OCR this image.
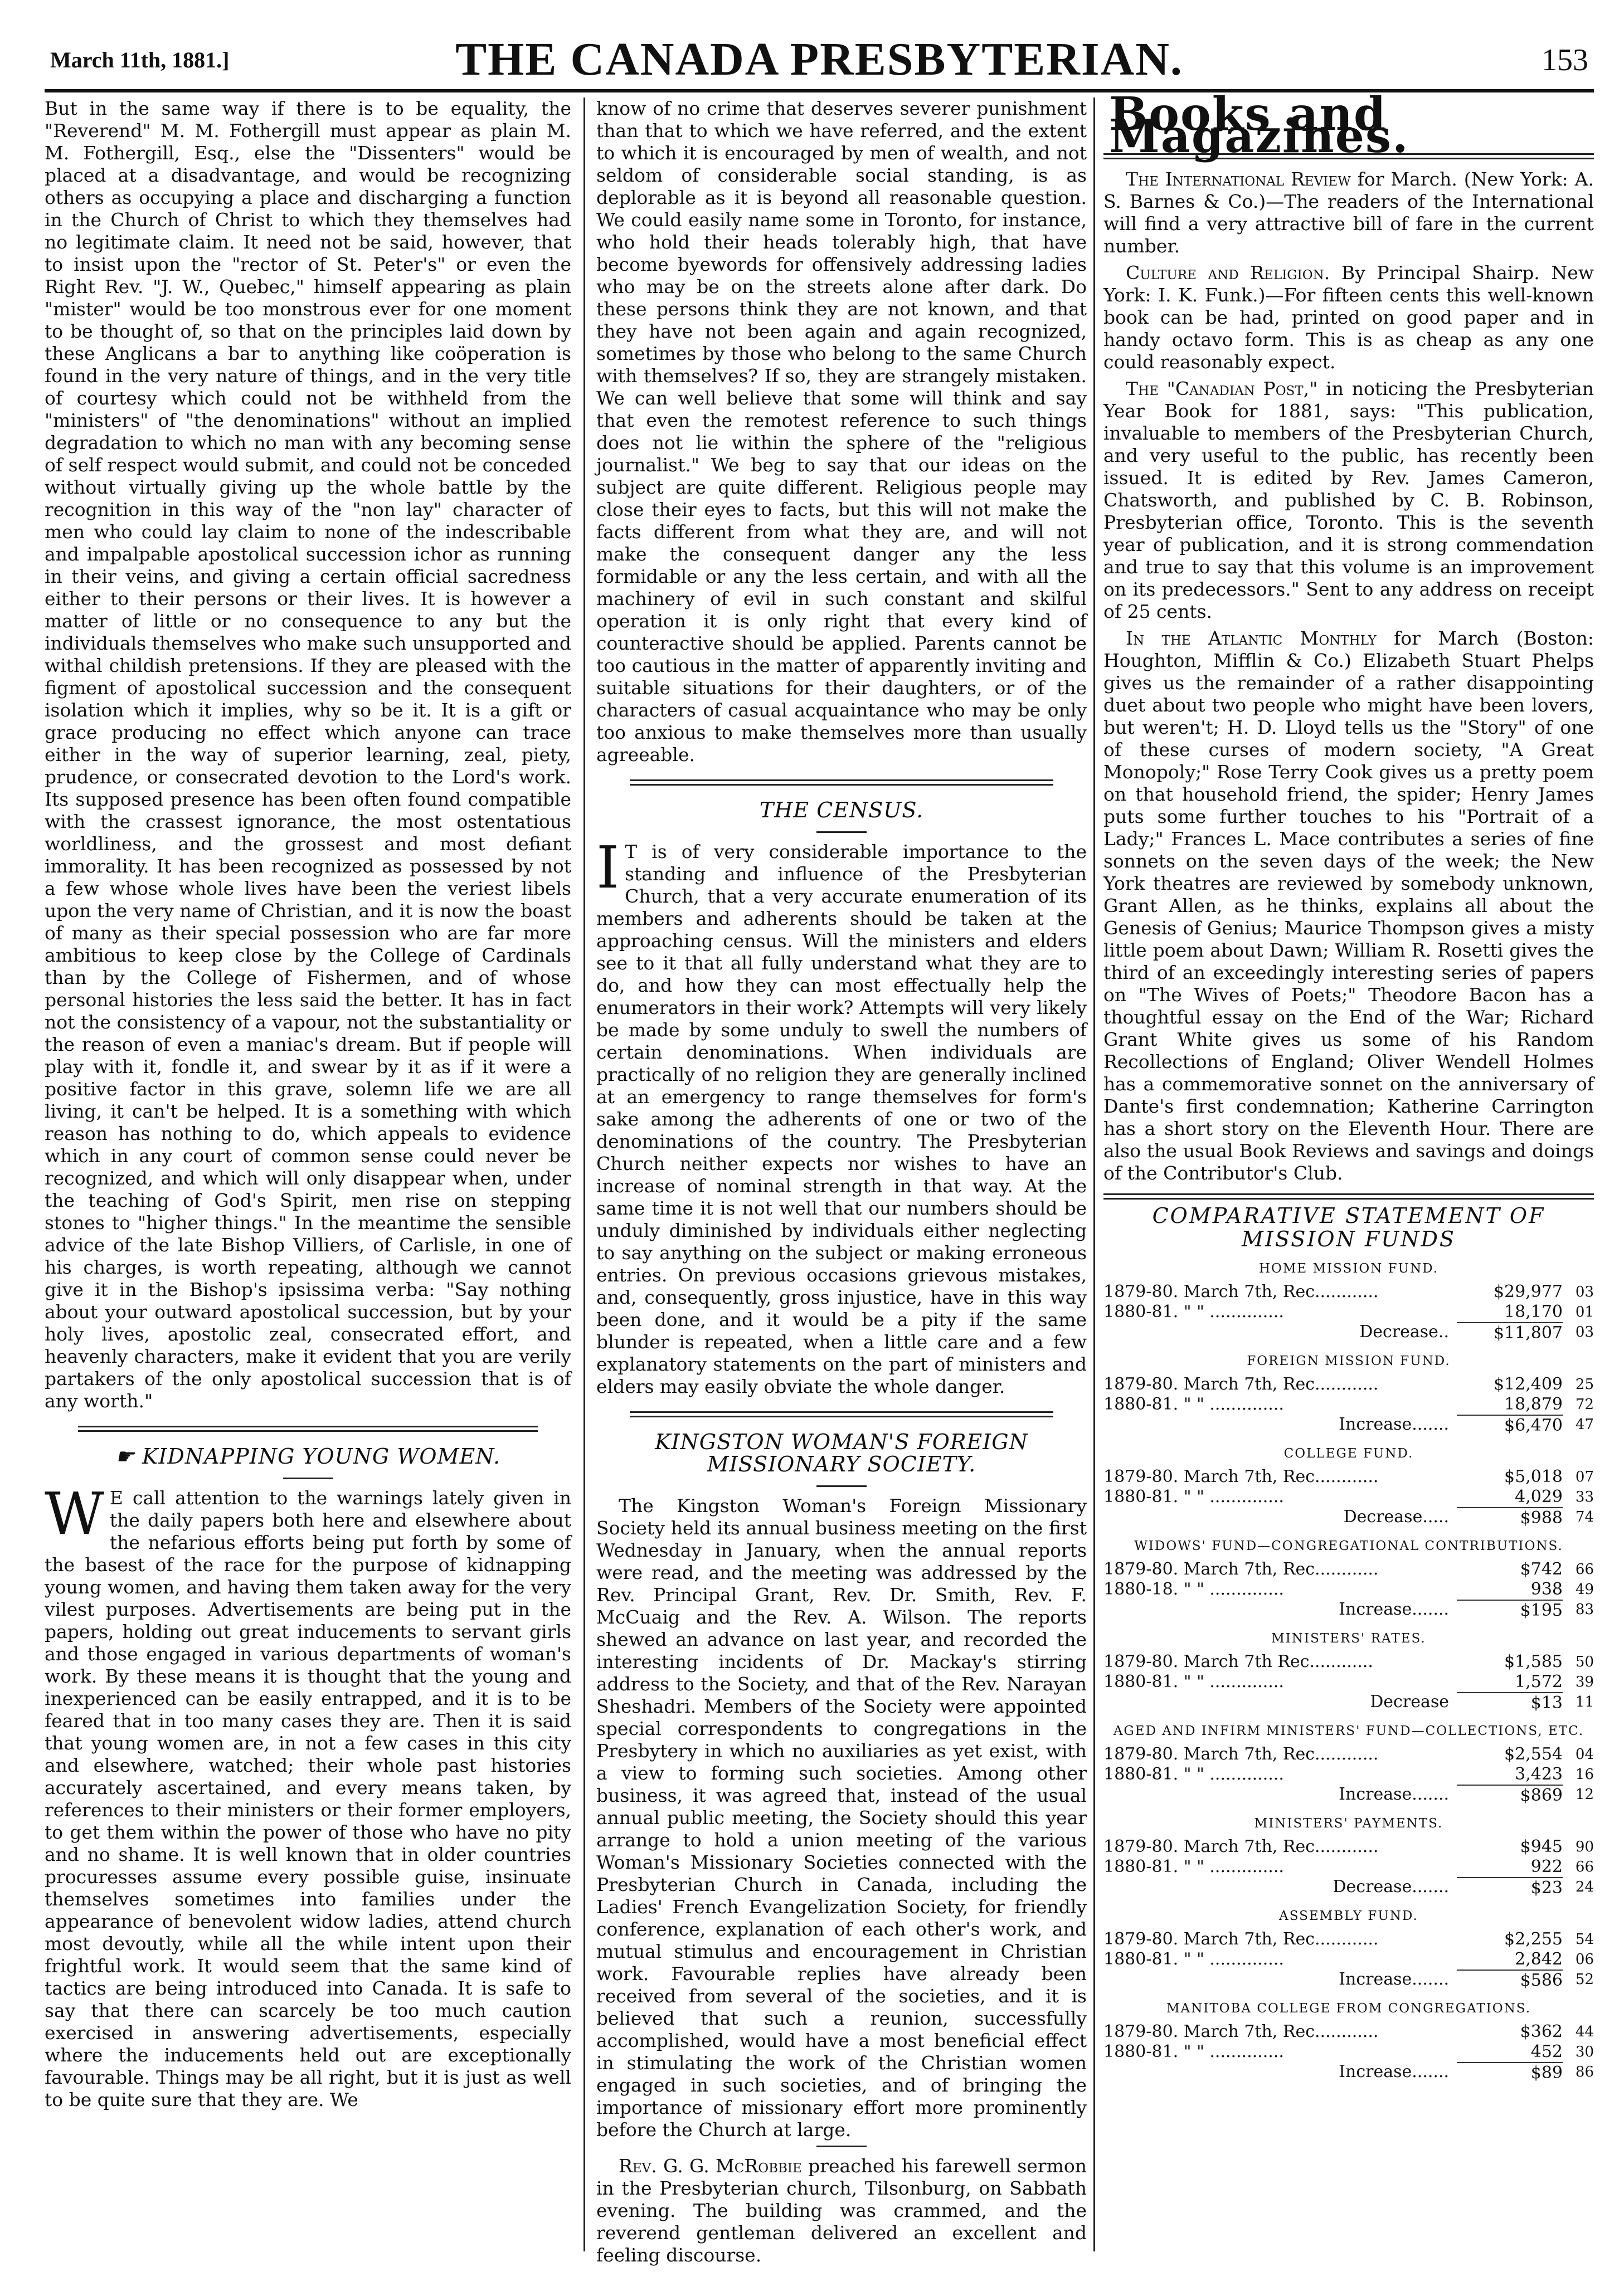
March 11th, 1881.]	THE CANADA PRESBYTERIAN.	153

But in the same way if there is to be equality, the "Reverend" M. M. Fothergill must appear as plain M. M. Fothergill, Esq., else the "Dissenters" would be placed at a disadvantage, and would be recognizing others as occupying a place and discharging a function in the Church of Christ to which they themselves had no legitimate claim. It need not be said, however, that to insist upon the "rector of St. Peter's" or even the Right Rev. "J. W., Quebec," himself appearing as plain "mister" would be too monstrous ever for one moment to be thought of, so that on the principles laid down by these Anglicans a bar to anything like coöperation is found in the very nature of things, and in the very title of courtesy which could not be withheld from the "ministers" of "the denominations" without an implied degradation to which no man with any becoming sense of self respect would submit, and could not be conceded without virtually giving up the whole battle by the recognition in this way of the "non lay" character of men who could lay claim to none of the indescribable and impalpable apostolical succession ichor as running in their veins, and giving a certain official sacredness either to their persons or their lives. It is however a matter of little or no consequence to any but the individuals themselves who make such unsupported and withal childish pretensions. If they are pleased with the figment of apostolical succession and the consequent isolation which it implies, why so be it. It is a gift or grace producing no effect which anyone can trace either in the way of superior learning, zeal, piety, prudence, or consecrated devotion to the Lord's work. Its supposed presence has been often found compatible with the crassest ignorance, the most ostentatious worldliness, and the grossest and most defiant immorality. It has been recognized as possessed by not a few whose whole lives have been the veriest libels upon the very name of Christian, and it is now the boast of many as their special possession who are far more ambitious to keep close by the College of Cardinals than by the College of Fishermen, and of whose personal histories the less said the better. It has in fact not the consistency of a vapour, not the substantiality or the reason of even a maniac's dream. But if people will play with it, fondle it, and swear by it as if it were a positive factor in this grave, solemn life we are all living, it can't be helped. It is a something with which reason has nothing to do, which appeals to evidence which in any court of common sense could never be recognized, and which will only disappear when, under the teaching of God's Spirit, men rise on stepping stones to "higher things." In the meantime the sensible advice of the late Bishop Villiers, of Carlisle, in one of his charges, is worth repeating, although we cannot give it in the Bishop's ipsissima verba: "Say nothing about your outward apostolical succession, but by your holy lives, apostolic zeal, consecrated effort, and heavenly characters, make it evident that you are verily partakers of the only apostolical succession that is of any worth."

☛ KIDNAPPING YOUNG WOMEN.

W E call attention to the warnings lately given in the daily papers both here and elsewhere about the nefarious efforts being put forth by some of the basest of the race for the purpose of kidnapping young women, and having them taken away for the very vilest purposes. Advertisements are being put in the papers, holding out great inducements to servant girls and those engaged in various departments of woman's work. By these means it is thought that the young and inexperienced can be easily entrapped, and it is to be feared that in too many cases they are. Then it is said that young women are, in not a few cases in this city and elsewhere, watched; their whole past histories accurately ascertained, and every means taken, by references to their ministers or their former employers, to get them within the power of those who have no pity and no shame. It is well known that in older countries procuresses assume every possible guise, insinuate themselves sometimes into families under the appearance of benevolent widow ladies, attend church most devoutly, while all the while intent upon their frightful work. It would seem that the same kind of tactics are being introduced into Canada. It is safe to say that there can scarcely be too much caution exercised in answering advertisements, especially where the inducements held out are exceptionally favourable. Things may be all right, but it is just as well to be quite sure that they are. We

know of no crime that deserves severer punishment than that to which we have referred, and the extent to which it is encouraged by men of wealth, and not seldom of considerable social standing, is as deplorable as it is beyond all reasonable question. We could easily name some in Toronto, for instance, who hold their heads tolerably high, that have become byewords for offensively addressing ladies who may be on the streets alone after dark. Do these persons think they are not known, and that they have not been again and again recognized, sometimes by those who belong to the same Church with themselves? If so, they are strangely mistaken. We can well believe that some will think and say that even the remotest reference to such things does not lie within the sphere of the "religious journalist." We beg to say that our ideas on the subject are quite different. Religious people may close their eyes to facts, but this will not make the facts different from what they are, and will not make the consequent danger any the less formidable or any the less certain, and with all the machinery of evil in such constant and skilful operation it is only right that every kind of counteractive should be applied. Parents cannot be too cautious in the matter of apparently inviting and suitable situations for their daughters, or of the characters of casual acquaintance who may be only too anxious to make themselves more than usually agreeable.

THE CENSUS.

I T is of very considerable importance to the standing and influence of the Presbyterian Church, that a very accurate enumeration of its members and adherents should be taken at the approaching census. Will the ministers and elders see to it that all fully understand what they are to do, and how they can most effectually help the enumerators in their work? Attempts will very likely be made by some unduly to swell the numbers of certain denominations. When individuals are practically of no religion they are generally inclined at an emergency to range themselves for form's sake among the adherents of one or two of the denominations of the country. The Presbyterian Church neither expects nor wishes to have an increase of nominal strength in that way. At the same time it is not well that our numbers should be unduly diminished by individuals either neglecting to say anything on the subject or making erroneous entries. On previous occasions grievous mistakes, and, consequently, gross injustice, have in this way been done, and it would be a pity if the same blunder is repeated, when a little care and a few explanatory statements on the part of ministers and elders may easily obviate the whole danger.

KINGSTON WOMAN'S FOREIGN MISSIONARY SOCIETY.

The Kingston Woman's Foreign Missionary Society held its annual business meeting on the first Wednesday in January, when the annual reports were read, and the meeting was addressed by the Rev. Principal Grant, Rev. Dr. Smith, Rev. F. McCuaig and the Rev. A. Wilson. The reports shewed an advance on last year, and recorded the interesting incidents of Dr. Mackay's stirring address to the Society, and that of the Rev. Narayan Sheshadri. Members of the Society were appointed special correspondents to congregations in the Presbytery in which no auxiliaries as yet exist, with a view to forming such societies. Among other business, it was agreed that, instead of the usual annual public meeting, the Society should this year arrange to hold a union meeting of the various Woman's Missionary Societies connected with the Presbyterian Church in Canada, including the Ladies' French Evangelization Society, for friendly conference, explanation of each other's work, and mutual stimulus and encouragement in Christian work. Favourable replies have already been received from several of the societies, and it is believed that such a reunion, successfully accomplished, would have a most beneficial effect in stimulating the work of the Christian women engaged in such societies, and of bringing the importance of missionary effort more prominently before the Church at large.

Rev. G. G. McRobbie preached his farewell sermon in the Presbyterian church, Tilsonburg, on Sabbath evening. The building was crammed, and the reverend gentleman delivered an excellent and feeling discourse.

Books and Magazines.

The International Review for March. (New York: A. S. Barnes & Co.)—The readers of the International will find a very attractive bill of fare in the current number.

Culture and Religion. By Principal Shairp. New York: I. K. Funk.)—For fifteen cents this well-known book can be had, printed on good paper and in handy octavo form. This is as cheap as any one could reasonably expect.

The "Canadian Post," in noticing the Presbyterian Year Book for 1881, says: "This publication, invaluable to members of the Presbyterian Church, and very useful to the public, has recently been issued. It is edited by Rev. James Cameron, Chatsworth, and published by C. B. Robinson, Presbyterian office, Toronto. This is the seventh year of publication, and it is strong commendation and true to say that this volume is an improvement on its predecessors." Sent to any address on receipt of 25 cents.

In the Atlantic Monthly for March (Boston: Houghton, Mifflin & Co.) Elizabeth Stuart Phelps gives us the remainder of a rather disappointing duet about two people who might have been lovers, but weren't; H. D. Lloyd tells us the "Story" of one of these curses of modern society, "A Great Monopoly;" Rose Terry Cook gives us a pretty poem on that household friend, the spider; Henry James puts some further touches to his "Portrait of a Lady;" Frances L. Mace contributes a series of fine sonnets on the seven days of the week; the New York theatres are reviewed by somebody unknown, Grant Allen, as he thinks, explains all about the Genesis of Genius; Maurice Thompson gives a misty little poem about Dawn; William R. Rosetti gives the third of an exceedingly interesting series of papers on "The Wives of Poets;" Theodore Bacon has a thoughtful essay on the End of the War; Richard Grant White gives us some of his Random Recollections of England; Oliver Wendell Holmes has a commemorative sonnet on the anniversary of Dante's first condemnation; Katherine Carrington has a short story on the Eleventh Hour. There are also the usual Book Reviews and savings and doings of the Contributor's Club.

COMPARATIVE STATEMENT OF MISSION FUNDS
HOME MISSION FUND.
1879-80. March 7th, Rec............	$29,977 03
1880-81. " " ..............	18,170 01
Decrease..	$11,807 03
FOREIGN MISSION FUND.
1879-80. March 7th, Rec............	$12,409 25
1880-81. " " ..............	18,879 72
Increase.......	$6,470 47
COLLEGE FUND.
1879-80. March 7th, Rec............	$5,018 07
1880-81. " " ..............	4,029 33
Decrease.....	$988 74
WIDOWS' FUND—CONGREGATIONAL CONTRIBUTIONS.
1879-80. March 7th, Rec............	$742 66
1880-18. " " ..............	938 49
Increase.......	$195 83
MINISTERS' RATES.
1879-80. March 7th Rec............	$1,585 50
1880-81. " " ..............	1,572 39
Decrease	$13 11
AGED AND INFIRM MINISTERS' FUND—COLLECTIONS, ETC.
1879-80. March 7th, Rec............	$2,554 04
1880-81. " " ..............	3,423 16
Increase.......	$869 12
MINISTERS' PAYMENTS.
1879-80. March 7th, Rec............	$945 90
1880-81. " " ..............	922 66
Decrease.......	$23 24
ASSEMBLY FUND.
1879-80. March 7th, Rec............	$2,255 54
1880-81. " " ..............	2,842 06
Increase.......	$586 52
MANITOBA COLLEGE FROM CONGREGATIONS.
1879-80. March 7th, Rec............	$362 44
1880-81. " " ..............	452 30
Increase.......	$89 86
